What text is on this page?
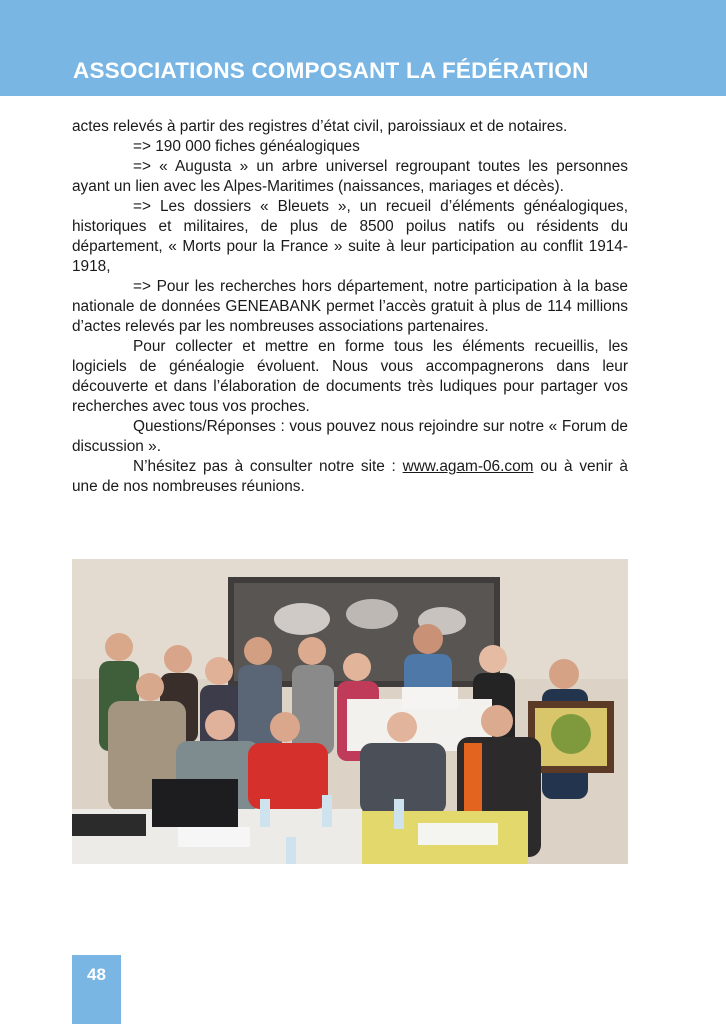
ASSOCIATIONS COMPOSANT LA FÉDÉRATION

actes relevés à partir des registres d’état civil, paroissiaux et de notaires.

=> 190 000 fiches généalogiques

=> « Augusta » un arbre universel regroupant toutes les personnes ayant un lien avec les Alpes-Maritimes (naissances, mariages et décès).

=> Les dossiers « Bleuets », un recueil d’éléments généalogiques, historiques et militaires, de plus de 8500 poilus natifs ou résidents du département, « Morts pour la France » suite à leur participation au conflit 1914-1918,

=> Pour les recherches hors département, notre participation à la base nationale de données GENEABANK permet l’accès gratuit à plus de 114 millions d’actes relevés par les nombreuses associations partenaires.

Pour collecter et mettre en forme tous les éléments recueillis, les logiciels de généalogie évoluent. Nous vous accompagnerons dans leur découverte et dans l’élaboration de documents très ludiques pour partager vos recherches avec tous vos proches.

Questions/Réponses : vous pouvez nous rejoindre sur notre « Forum de discussion ».

N’hésitez pas à consulter notre site : www.agam-06.com ou à venir à une de nos nombreuses réunions.

48
